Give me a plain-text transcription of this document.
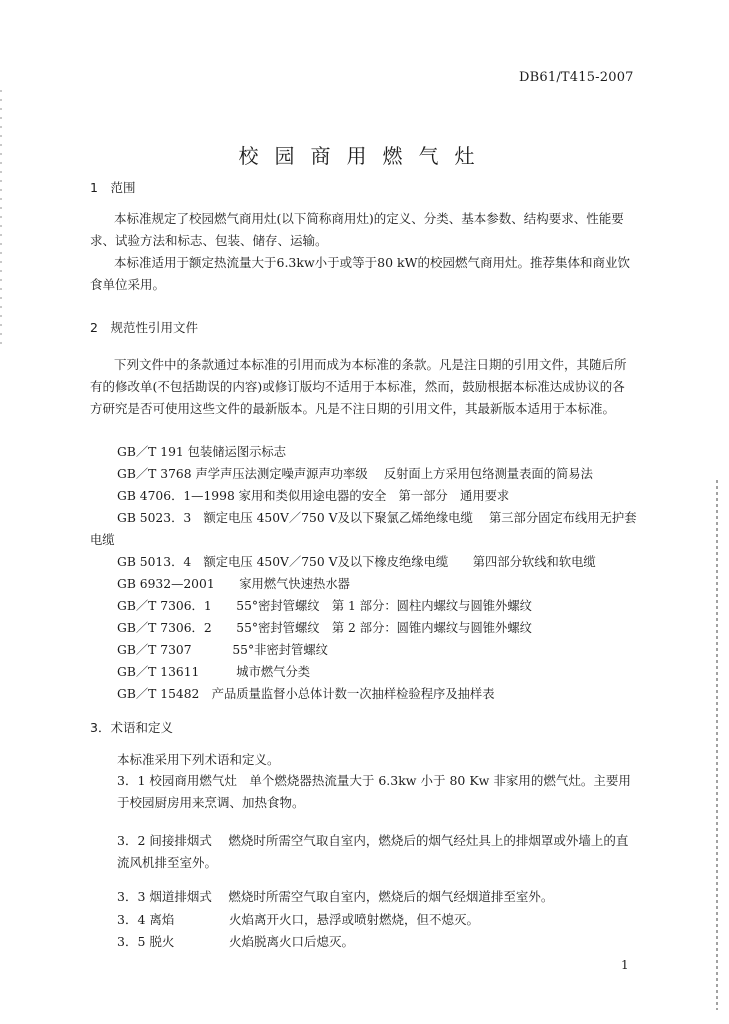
DB61/T415-2007
校园商用燃气灶
1　范围
本标准规定了校园燃气商用灶(以下简称商用灶)的定义、分类、基本参数、结构要求、性能要求、试验方法和标志、包装、储存、运输。
本标准适用于额定热流量大于6.3kw小于或等于80 kW的校园燃气商用灶。推荐集体和商业饮食单位采用。
2　规范性引用文件
下列文件中的条款通过本标准的引用而成为本标准的条款。凡是注日期的引用文件，其随后所有的修改单(不包括勘误的内容)或修订版均不适用于本标准，然而，鼓励根据本标准达成协议的各方研究是否可使用这些文件的最新版本。凡是不注日期的引用文件，其最新版本适用于本标准。
GB／T 191 包装储运图示标志
GB／T 3768 声学声压法测定噪声源声功率级　 反射面上方采用包络测量表面的简易法
GB 4706．1—1998 家用和类似用途电器的安全　第一部分　通用要求
GB 5023．3　额定电压 450V／750 V及以下聚氯乙烯绝缘电缆　 第三部分固定布线用无护套
电缆
GB 5013．4　额定电压 450V／750 V及以下橡皮绝缘电缆　　第四部分软线和软电缆
GB 6932—2001　　家用燃气快速热水器
GB／T 7306．1　　55°密封管螺纹　第 1 部分：圆柱内螺纹与圆锥外螺纹
GB／T 7306．2　　55°密封管螺纹　第 2 部分：圆锥内螺纹与圆锥外螺纹
GB／T 7307　　　 55°非密封管螺纹
GB／T 13611　　　城市燃气分类
GB／T 15482　产品质量监督小总体计数一次抽样检验程序及抽样表
3．术语和定义
本标准采用下列术语和定义。
3．1 校园商用燃气灶　单个燃烧器热流量大于 6.3kw 小于 80 Kw 非家用的燃气灶。主要用于校园厨房用来烹调、加热食物。
3．2 间接排烟式　 燃烧时所需空气取自室内，燃烧后的烟气经灶具上的排烟罩或外墙上的直流风机排至室外。
3．3 烟道排烟式　 燃烧时所需空气取自室内，燃烧后的烟气经烟道排至室外。
3．4 离焰	火焰离开火口，悬浮或喷射燃烧，但不熄灭。
3．5 脱火	火焰脱离火口后熄灭。
1
